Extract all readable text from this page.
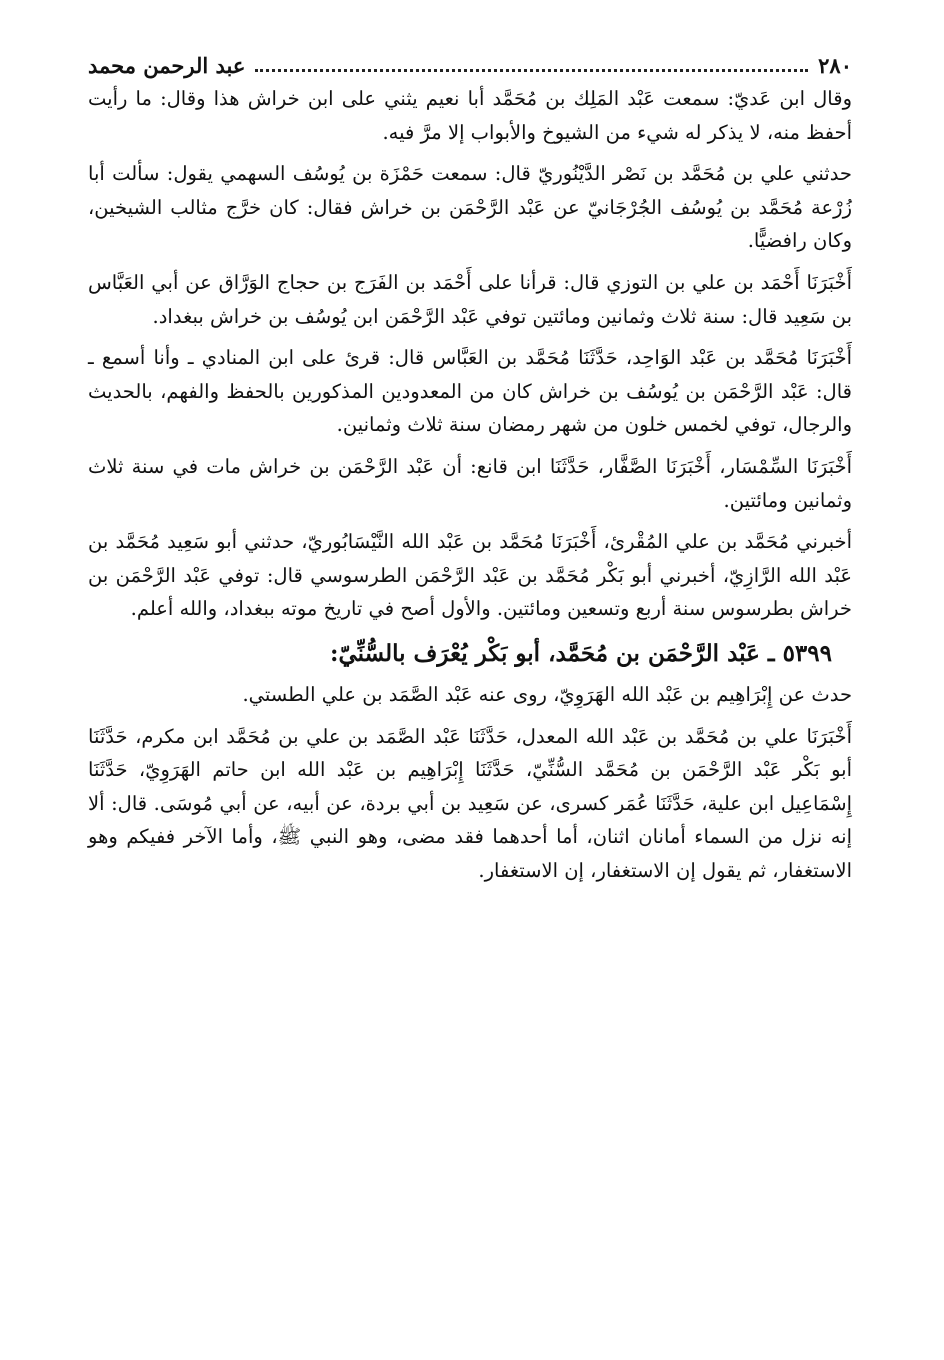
٢٨٠
عبد الرحمن محمد

وقال ابن عَديّ: سمعت عَبْد المَلِك بن مُحَمَّد أبا نعيم يثني على ابن خراش هذا وقال: ما رأيت أحفظ منه، لا يذكر له شيء من الشيوخ والأبواب إلا مرَّ فيه.

حدثني علي بن مُحَمَّد بن نَصْر الدَّيْنُوريّ قال: سمعت حَمْزَة بن يُوسُف السهمي يقول: سألت أبا زُرْعة مُحَمَّد بن يُوسُف الجُرْجَانيّ عن عَبْد الرَّحْمَن بن خراش فقال: كان خرَّج مثالب الشيخين، وكان رافضيًّا.

أَخْبَرَنَا أَحْمَد بن علي بن التوزي قال: قرأنا على أَحْمَد بن الفَرَج بن حجاج الوَرَّاق عن أبي العَبَّاس بن سَعِيد قال: سنة ثلاث وثمانين ومائتين توفي عَبْد الرَّحْمَن ابن يُوسُف بن خراش ببغداد.

أَخْبَرَنَا مُحَمَّد بن عَبْد الوَاحِد، حَدَّثَنَا مُحَمَّد بن العَبَّاس قال: قرئ على ابن المنادي ـ وأنا أسمع ـ قال: عَبْد الرَّحْمَن بن يُوسُف بن خراش كان من المعدودين المذكورين بالحفظ والفهم، بالحديث والرجال، توفي لخمس خلون من شهر رمضان سنة ثلاث وثمانين.

أَخْبَرَنَا السِّمْسَار، أَخْبَرَنَا الصَّفَّار، حَدَّثَنَا ابن قانع: أن عَبْد الرَّحْمَن بن خراش مات في سنة ثلاث وثمانين ومائتين.

أخبرني مُحَمَّد بن علي المُقْرئ، أَخْبَرَنَا مُحَمَّد بن عَبْد الله النَّيْسَابُوريّ، حدثني أبو سَعِيد مُحَمَّد بن عَبْد الله الرَّازِيّ، أخبرني أبو بَكْر مُحَمَّد بن عَبْد الرَّحْمَن الطرسوسي قال: توفي عَبْد الرَّحْمَن بن خراش بطرسوس سنة أربع وتسعين ومائتين. والأول أصح في تاريخ موته ببغداد، والله أعلم.

٥٣٩٩ ـ عَبْد الرَّحْمَن بن مُحَمَّد، أبو بَكْر يُعْرَف بالسُّنِّيّ:

حدث عن إِبْرَاهِيم بن عَبْد الله الهَرَوِيّ، روى عنه عَبْد الصَّمَد بن علي الطستي.

أَخْبَرَنَا علي بن مُحَمَّد بن عَبْد الله المعدل، حَدَّثَنَا عَبْد الصَّمَد بن علي بن مُحَمَّد ابن مكرم، حَدَّثَنَا أبو بَكْر عَبْد الرَّحْمَن بن مُحَمَّد السُّنِّيّ، حَدَّثَنَا إِبْرَاهِيم بن عَبْد الله ابن حاتم الهَرَوِيّ، حَدَّثَنَا إِسْمَاعِيل ابن علية، حَدَّثَنَا عُمَر كسرى، عن سَعِيد بن أبي بردة، عن أبيه، عن أبي مُوسَى. قال: ألا إنه نزل من السماء أمانان اثنان، أما أحدهما فقد مضى، وهو النبي ﷺ، وأما الآخر ففيكم وهو الاستغفار، ثم يقول إن الاستغفار، إن الاستغفار.
